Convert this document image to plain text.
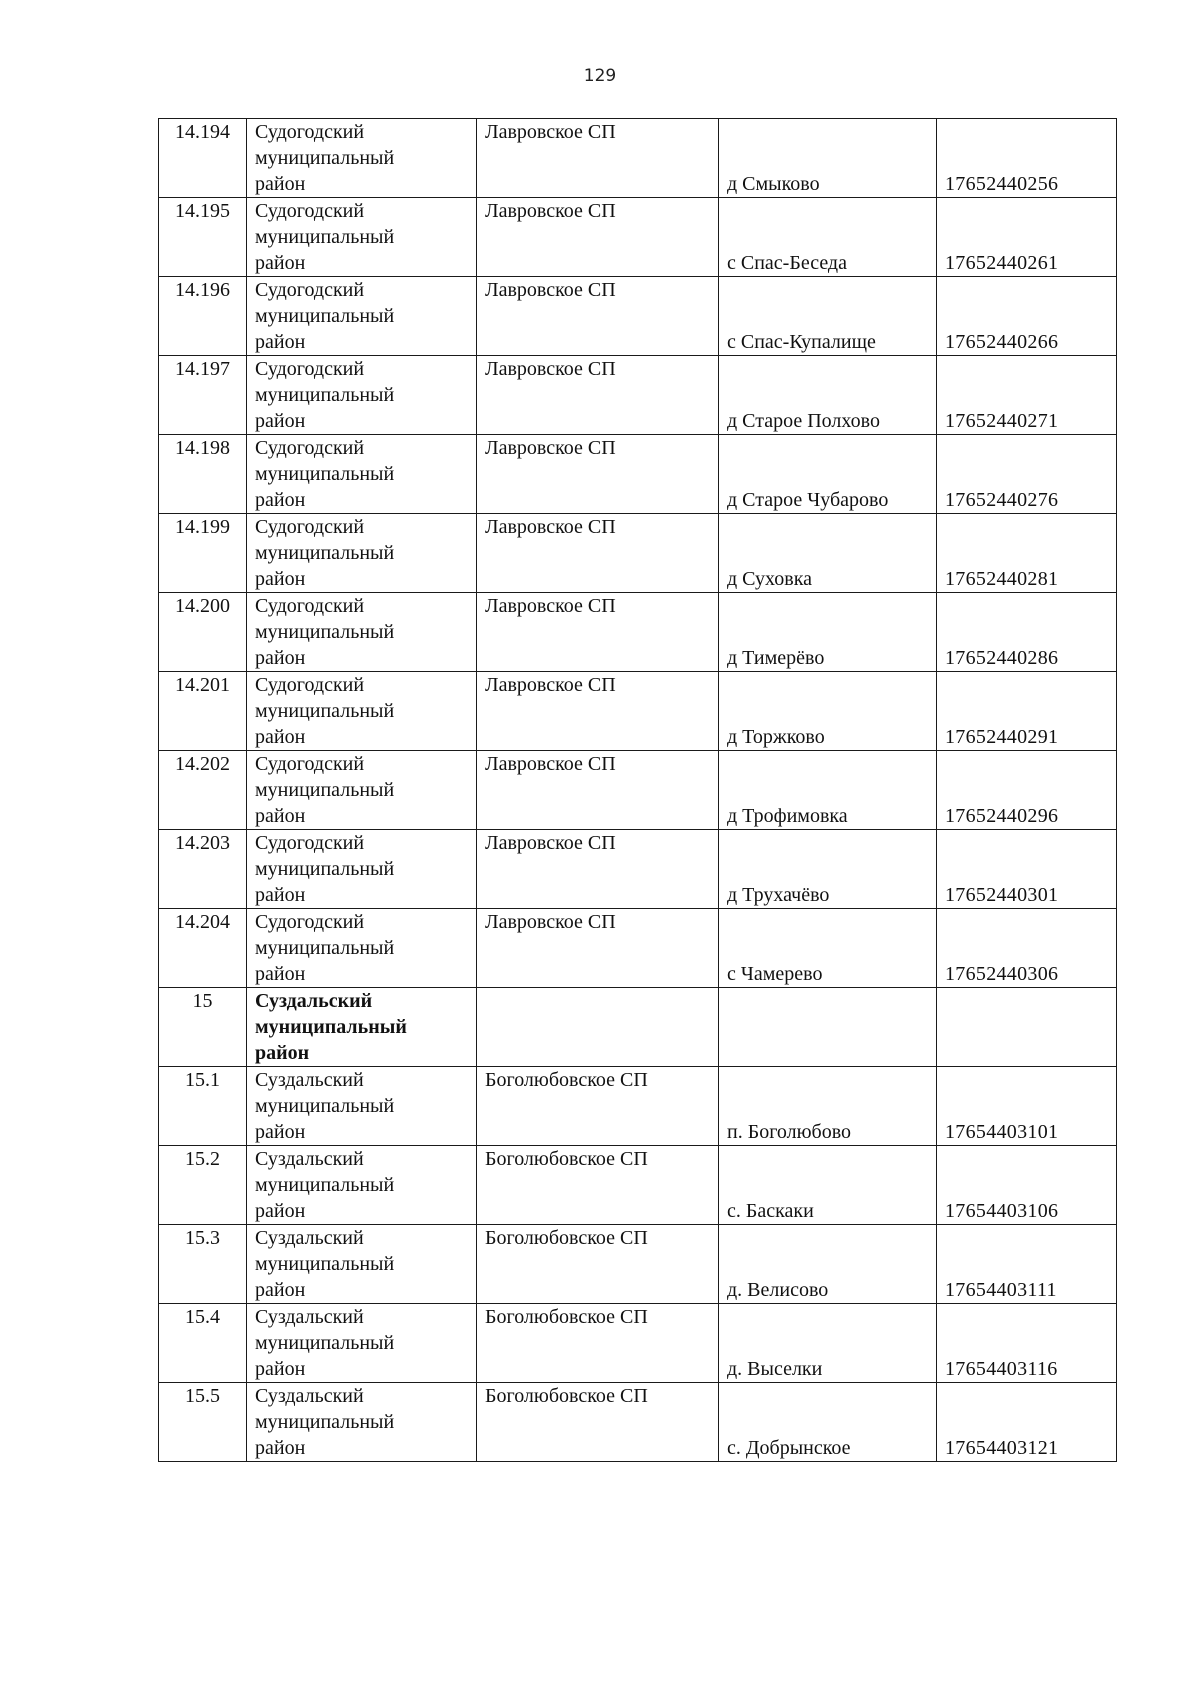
129
14.194	Судогодский
муниципальный
район	Лавровское СП	д Смыково	17652440256
14.195	Судогодский
муниципальный
район	Лавровское СП	с Спас-Беседа	17652440261
14.196	Судогодский
муниципальный
район	Лавровское СП	с Спас-Купалище	17652440266
14.197	Судогодский
муниципальный
район	Лавровское СП	д Старое Полхово	17652440271
14.198	Судогодский
муниципальный
район	Лавровское СП	д Старое Чубарово	17652440276
14.199	Судогодский
муниципальный
район	Лавровское СП	д Суховка	17652440281
14.200	Судогодский
муниципальный
район	Лавровское СП	д Тимерёво	17652440286
14.201	Судогодский
муниципальный
район	Лавровское СП	д Торжково	17652440291
14.202	Судогодский
муниципальный
район	Лавровское СП	д Трофимовка	17652440296
14.203	Судогодский
муниципальный
район	Лавровское СП	д Трухачёво	17652440301
14.204	Судогодский
муниципальный
район	Лавровское СП	с Чамерево	17652440306
15	Суздальский
муниципальный
район			

15.1	Суздальский
муниципальный
район	Боголюбовское СП	п. Боголюбово	17654403101
15.2	Суздальский
муниципальный
район	Боголюбовское СП	с. Баскаки	17654403106
15.3	Суздальский
муниципальный
район	Боголюбовское СП	д. Велисово	17654403111
15.4	Суздальский
муниципальный
район	Боголюбовское СП	д. Выселки	17654403116
15.5	Суздальский
муниципальный
район	Боголюбовское СП	с. Добрынское	17654403121
